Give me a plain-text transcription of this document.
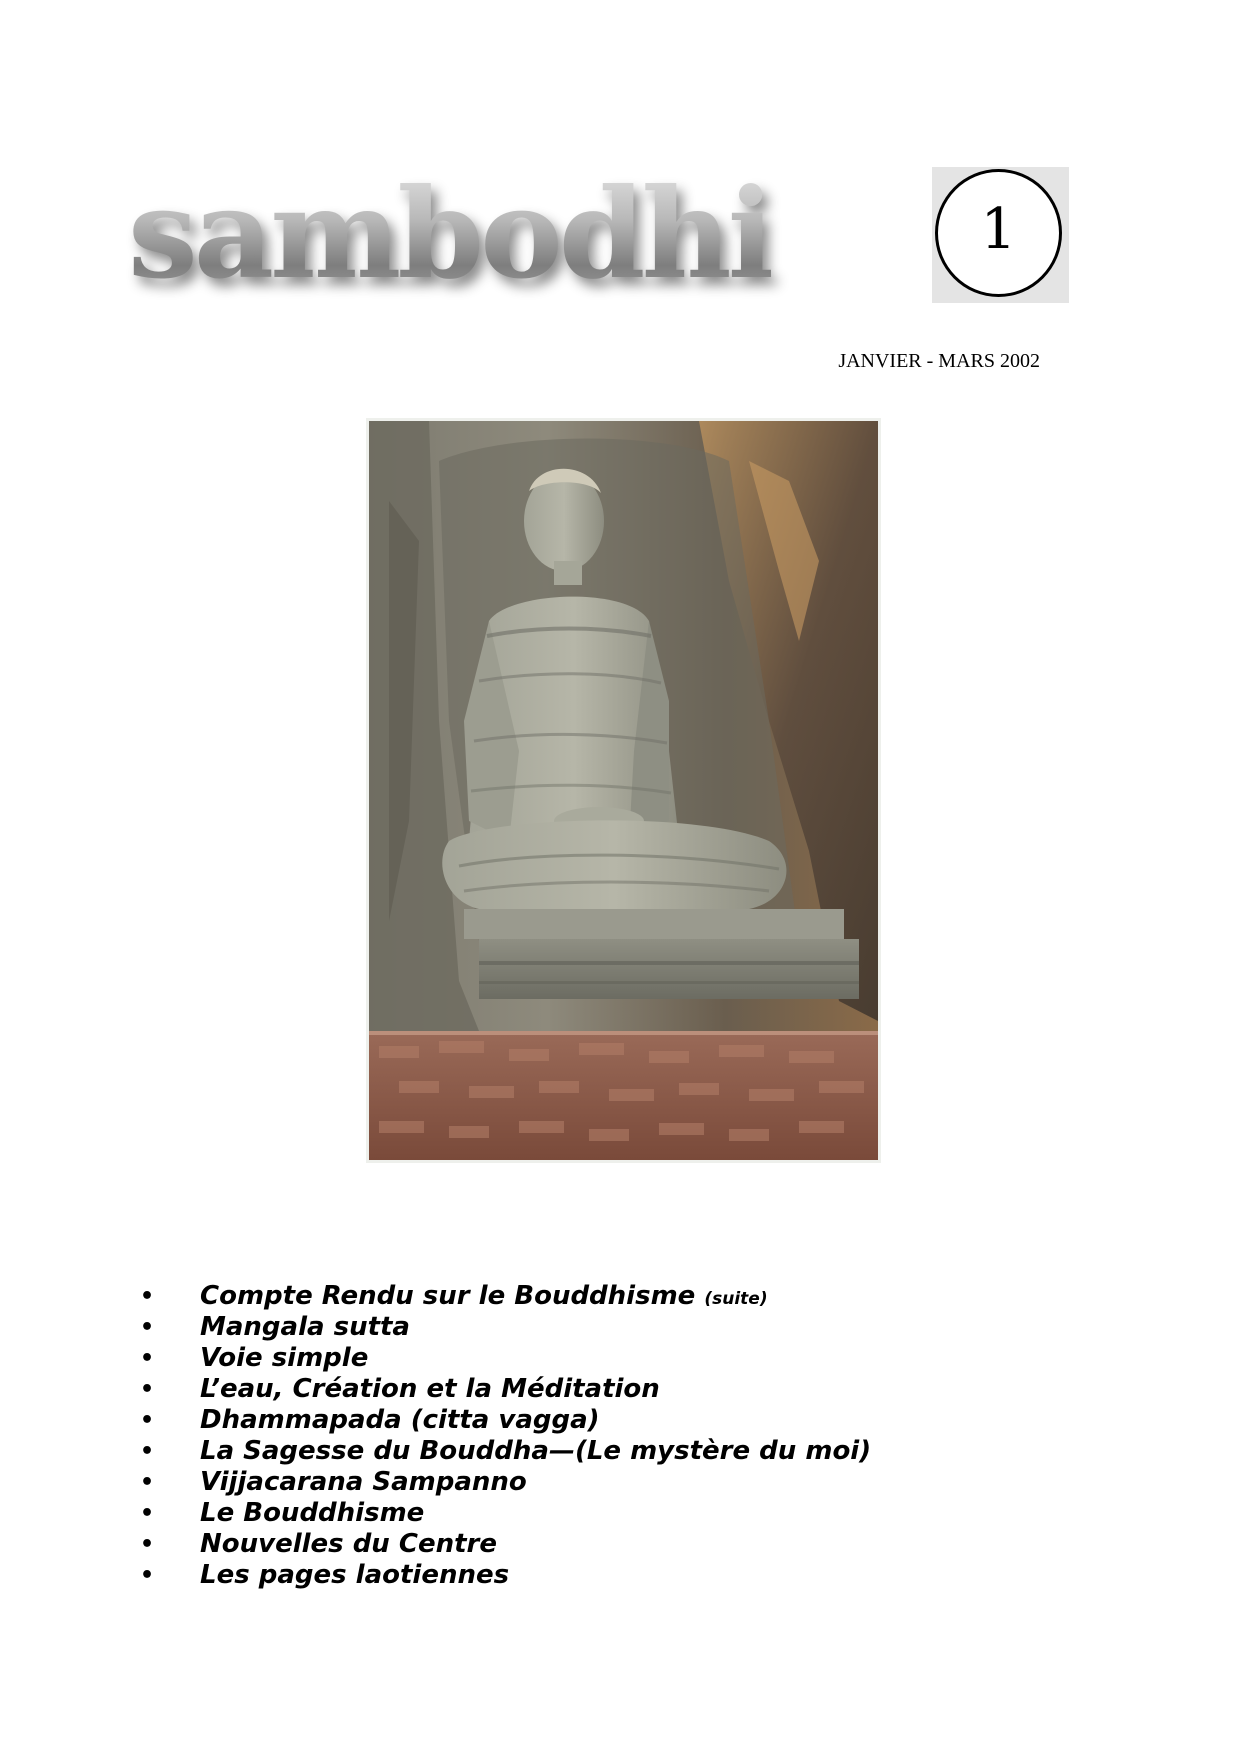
sambodhi	1
JANVIER - MARS 2002
• Compte Rendu sur le Bouddhisme (suite)
• Mangala sutta
• Voie simple
• L’eau, Création et la Méditation
• Dhammapada (citta vagga)
• La Sagesse du Bouddha—(Le mystère du moi)
• Vijjacarana Sampanno
• Le Bouddhisme
• Nouvelles du Centre
• Les pages laotiennes
